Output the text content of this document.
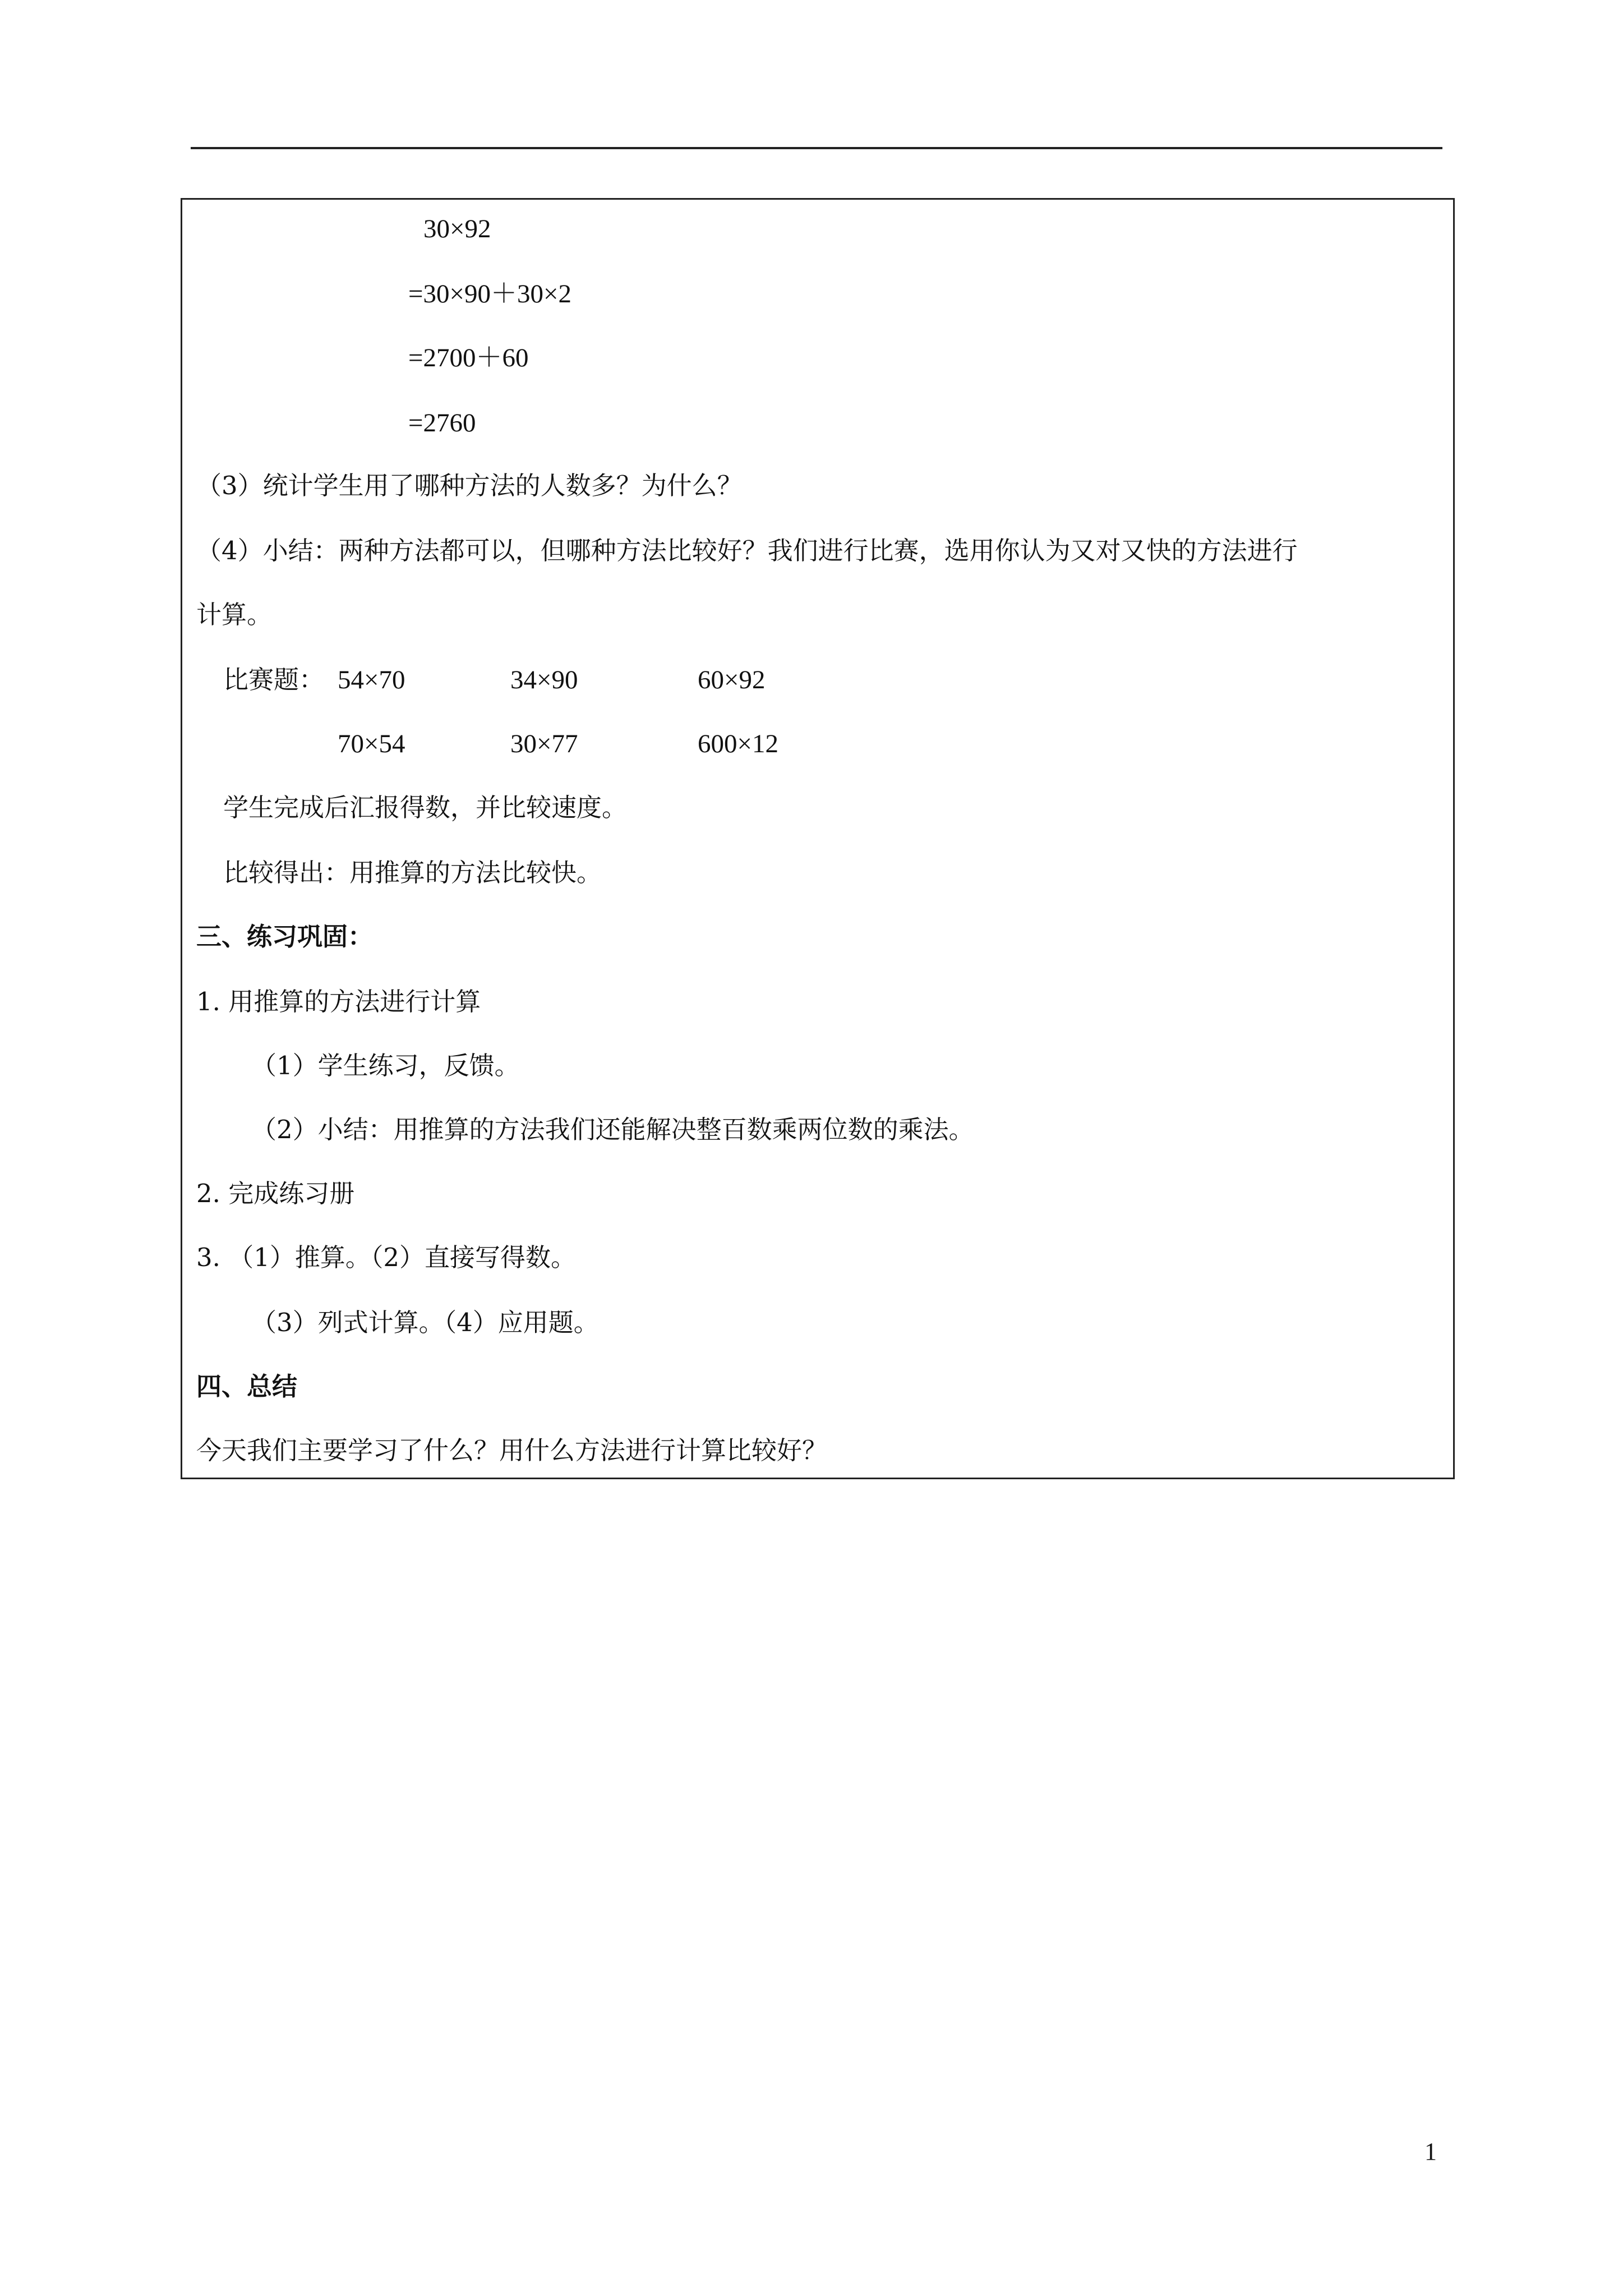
30×92
=30×90＋30×2
=2700＋60
=2760
（3）统计学生用了哪种方法的人数多？为什么？
（4）小结：两种方法都可以，但哪种方法比较好？我们进行比赛，选用你认为又对又快的方法进行
计算。
比赛题： 54×70	34×90	60×92
70×54	30×77	600×12
学生完成后汇报得数，并比较速度。
比较得出：用推算的方法比较快。
三、练习巩固：
1. 用推算的方法进行计算
（1）学生练习，反馈。
（2）小结：用推算的方法我们还能解决整百数乘两位数的乘法。
2. 完成练习册
3. （1）推算。（2）直接写得数。
（3）列式计算。（4）应用题。
四、总结
今天我们主要学习了什么？用什么方法进行计算比较好？
1
